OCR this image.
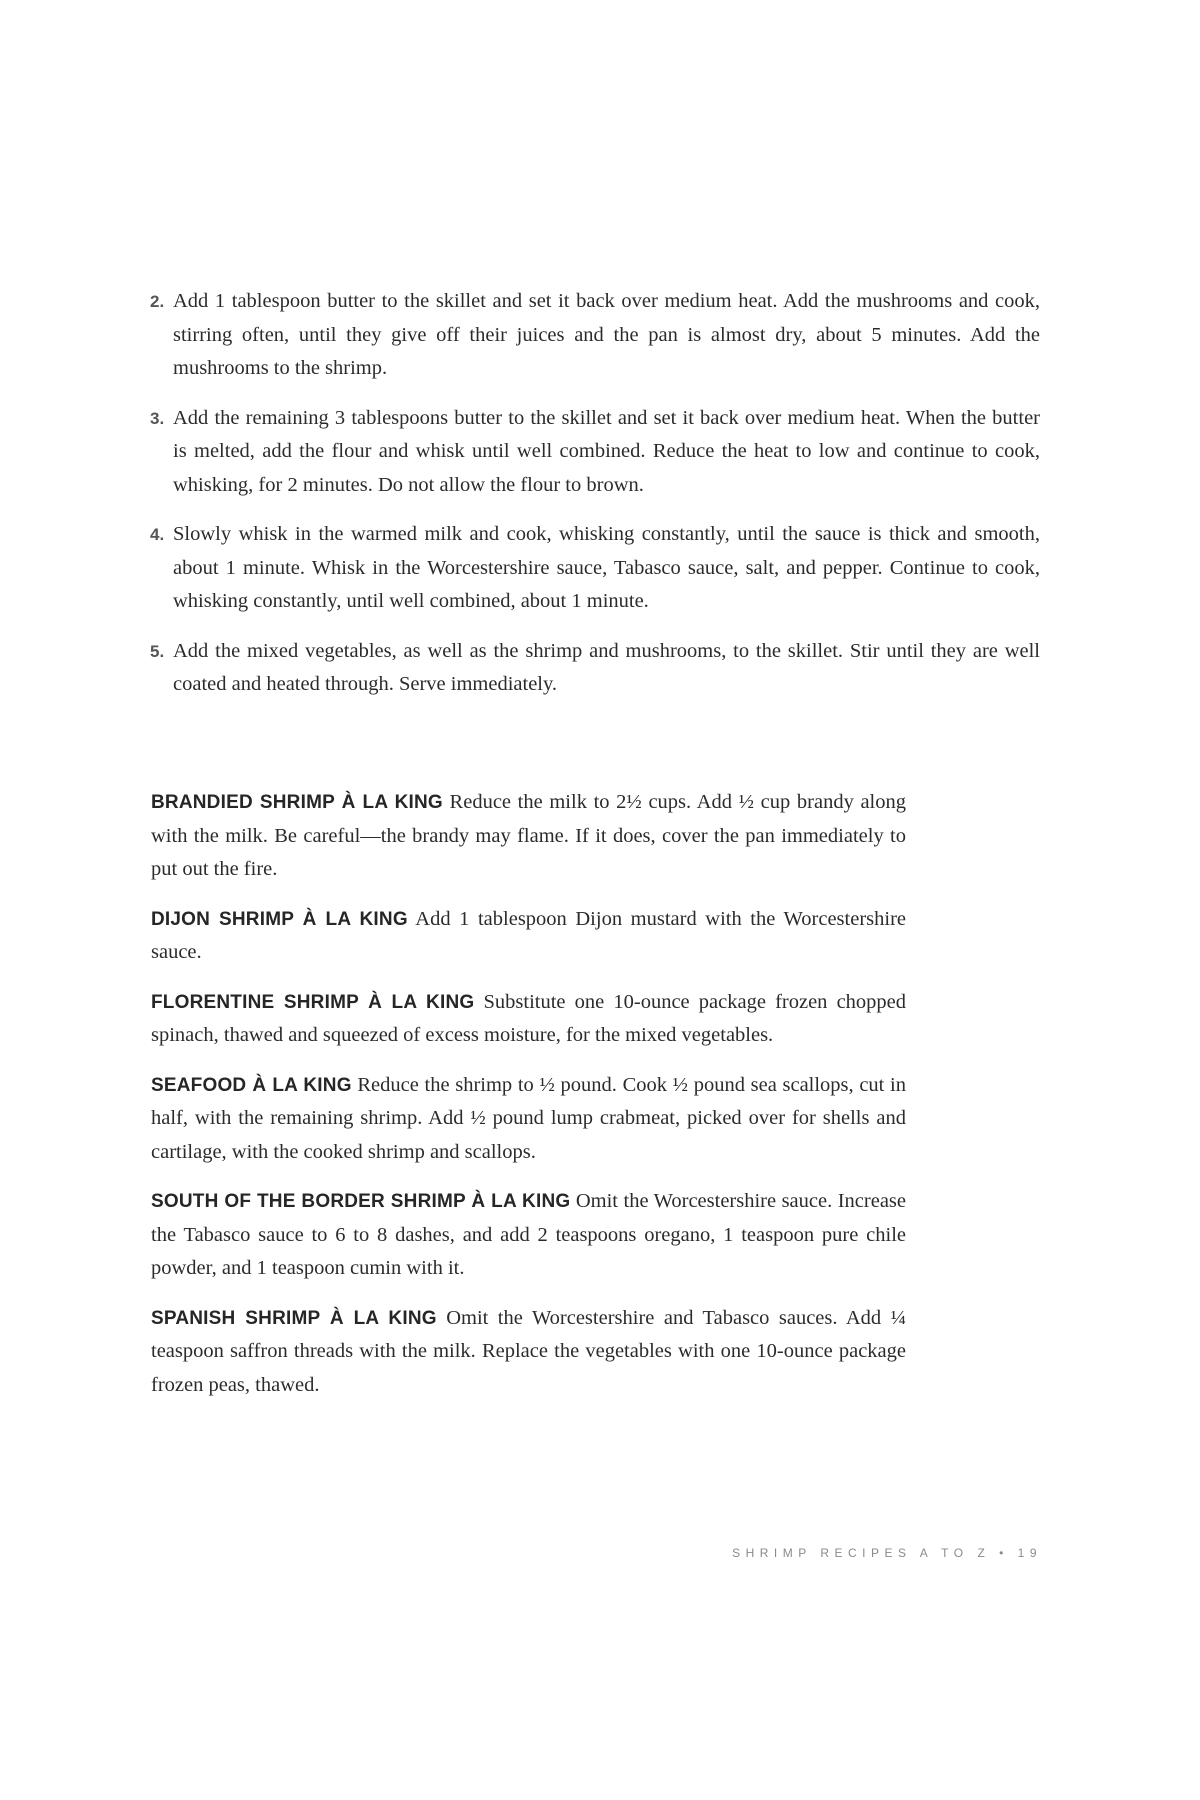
2. Add 1 tablespoon butter to the skillet and set it back over medium heat. Add the mushrooms and cook, stirring often, until they give off their juices and the pan is almost dry, about 5 minutes. Add the mushrooms to the shrimp.
3. Add the remaining 3 tablespoons butter to the skillet and set it back over medium heat. When the butter is melted, add the flour and whisk until well combined. Reduce the heat to low and continue to cook, whisking, for 2 minutes. Do not allow the flour to brown.
4. Slowly whisk in the warmed milk and cook, whisking constantly, until the sauce is thick and smooth, about 1 minute. Whisk in the Worcestershire sauce, Tabasco sauce, salt, and pepper. Continue to cook, whisking constantly, until well combined, about 1 minute.
5. Add the mixed vegetables, as well as the shrimp and mushrooms, to the skillet. Stir until they are well coated and heated through. Serve immediately.

BRANDIED SHRIMP À LA KING Reduce the milk to 2½ cups. Add ½ cup brandy along with the milk. Be careful—the brandy may flame. If it does, cover the pan immediately to put out the fire.

DIJON SHRIMP À LA KING Add 1 tablespoon Dijon mustard with the Worcestershire sauce.

FLORENTINE SHRIMP À LA KING Substitute one 10-ounce package frozen chopped spinach, thawed and squeezed of excess moisture, for the mixed vegetables.

SEAFOOD À LA KING Reduce the shrimp to ½ pound. Cook ½ pound sea scallops, cut in half, with the remaining shrimp. Add ½ pound lump crabmeat, picked over for shells and cartilage, with the cooked shrimp and scallops.

SOUTH OF THE BORDER SHRIMP À LA KING Omit the Worcestershire sauce. Increase the Tabasco sauce to 6 to 8 dashes, and add 2 teaspoons oregano, 1 teaspoon pure chile powder, and 1 teaspoon cumin with it.

SPANISH SHRIMP À LA KING Omit the Worcestershire and Tabasco sauces. Add ¼ teaspoon saffron threads with the milk. Replace the vegetables with one 10-ounce package frozen peas, thawed.

SHRIMP RECIPES A TO Z • 19
